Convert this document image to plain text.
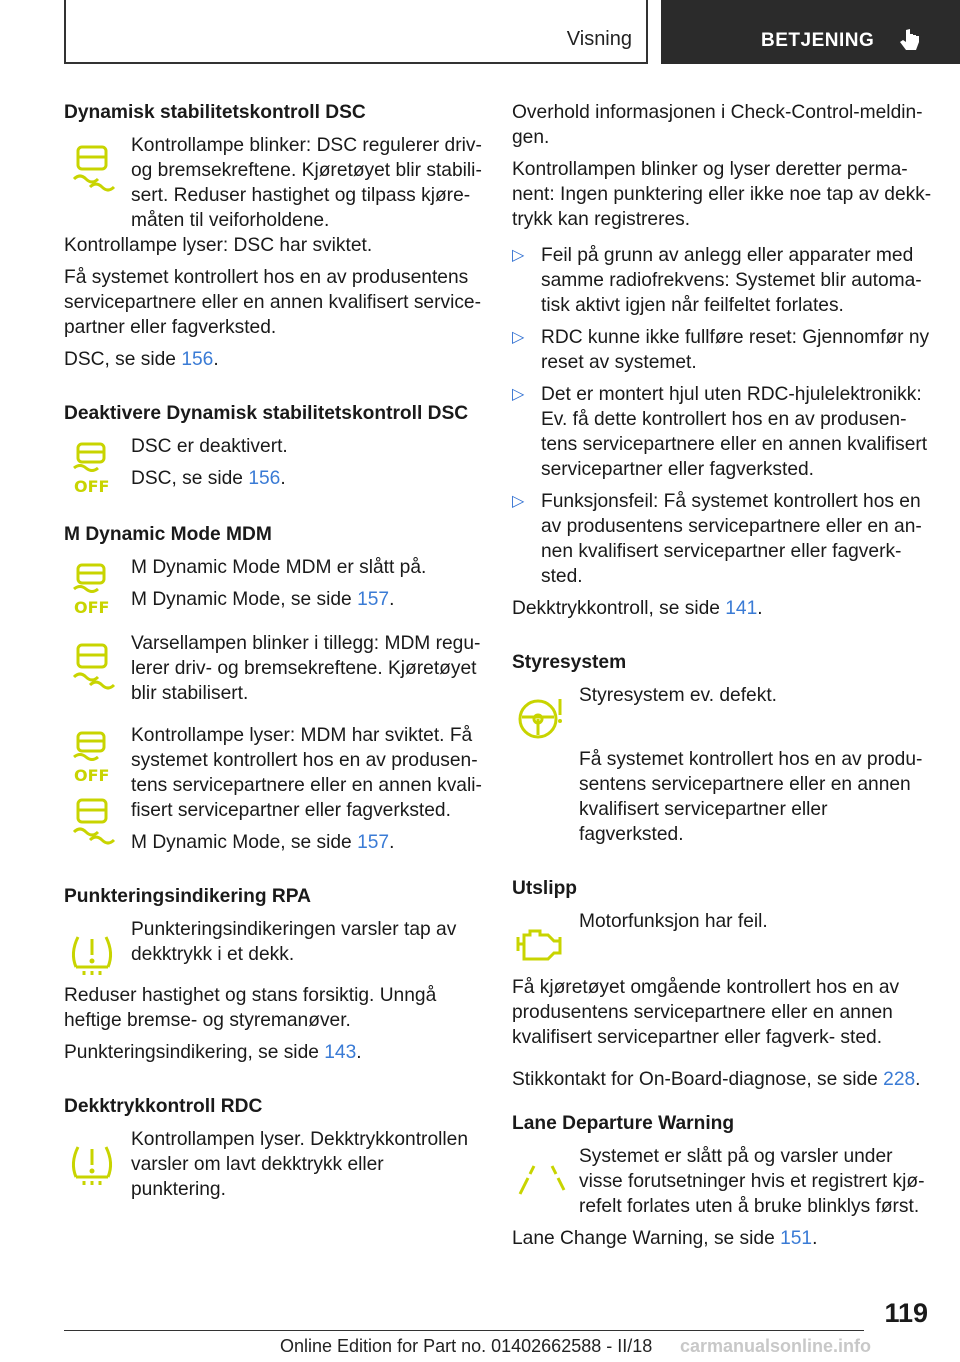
Visning	BETJENING
Dynamisk stabilitetskontroll DSC
Kontrollampe blinker: DSC regulerer driv- og bremsekreftene. Kjøretøyet blir stabili- sert. Reduser hastighet og tilpass kjøre- måten til veiforholdene.

Kontrollampe lyser: DSC har sviktet.

Få systemet kontrollert hos en av produsentens servicepartnere eller en annen kvalifisert service- partner eller fagverksted.

DSC, se side 156.

Deaktivere Dynamisk stabilitetskontroll DSC
OFF

DSC er deaktivert.

DSC, se side 156.

M Dynamic Mode MDM
OFF

M Dynamic Mode MDM er slått på.

M Dynamic Mode, se side 157.

Varsellampen blinker i tillegg: MDM regu- lerer driv- og bremsekreftene. Kjøretøyet blir stabilisert.

OFF

Kontrollampe lyser: MDM har sviktet. Få systemet kontrollert hos en av produsen- tens servicepartnere eller en annen kvali- fisert servicepartner eller fagverksted.

M Dynamic Mode, se side 157.

Punkteringsindikering RPA

Punkteringsindikeringen varsler tap av dekktrykk i et dekk.

Reduser hastighet og stans forsiktig. Unngå heftige bremse- og styremanøver.

Punkteringsindikering, se side 143.

Dekktrykkontroll RDC

Kontrollampen lyser. Dekktrykkontrollen varsler om lavt dekktrykk eller punktering.

Overhold informasjonen i Check-Control-meldin- gen.

Kontrollampen blinker og lyser deretter perma- nent: Ingen punktering eller ikke noe tap av dekk- trykk kan registreres.

▷ Feil på grunn av anlegg eller apparater med samme radiofrekvens: Systemet blir automa- tisk aktivt igjen når feilfeltet forlates.
▷ RDC kunne ikke fullføre reset: Gjennomfør ny reset av systemet.
▷ Det er montert hjul uten RDC-hjulelektronikk: Ev. få dette kontrollert hos en av produsen- tens servicepartnere eller en annen kvalifisert servicepartner eller fagverksted.
▷ Funksjonsfeil: Få systemet kontrollert hos en av produsentens servicepartnere eller en an- nen kvalifisert servicepartner eller fagverk- sted.

Dekktrykkontroll, se side 141.

Styresystem

Styresystem ev. defekt.

Få systemet kontrollert hos en av produ- sentens servicepartnere eller en annen kvalifisert servicepartner eller fagverksted.

Utslipp

Motorfunksjon har feil.

Få kjøretøyet omgående kontrollert hos en av produsentens servicepartnere eller en annen kvalifisert servicepartner eller fagverk- sted.

Stikkontakt for On-Board-diagnose, se side 228.

Lane Departure Warning

Systemet er slått på og varsler under visse forutsetninger hvis et registrert kjø- refelt forlates uten å bruke blinklys først.

Lane Change Warning, se side 151.

119
Online Edition for Part no. 01402662588 - II/18 carmanualsonline.info
